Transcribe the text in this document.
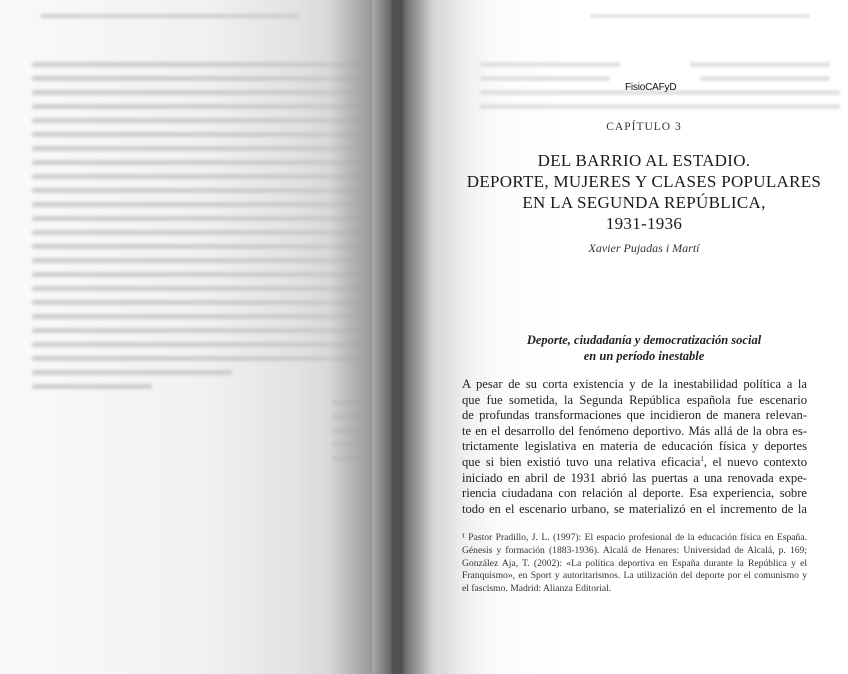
FisioCAFyD
CAPÍTULO 3
DEL BARRIO AL ESTADIO.
DEPORTE, MUJERES Y CLASES POPULARES
EN LA SEGUNDA REPÚBLICA,
1931-1936
Xavier Pujadas i Martí
Deporte, ciudadanía y democratización social
en un período inestable
A pesar de su corta existencia y de la inestabilidad política a la
que fue sometida, la Segunda República española fue escenario
de profundas transformaciones que incidieron de manera relevan-
te en el desarrollo del fenómeno deportivo. Más allá de la obra es-
trictamente legislativa en materia de educación física y deportes
que si bien existió tuvo una relativa eficacia$^1$, el nuevo contexto
iniciado en abril de 1931 abrió las puertas a una renovada expe-
riencia ciudadana con relación al deporte. Esa experiencia, sobre
todo en el escenario urbano, se materializó en el incremento de la
¹ Pastor Pradillo, J. L. (1997): El espacio profesional de la educación física en España.
Génesis y formación (1883-1936). Alcalá de Henares: Universidad de Alcalá, p. 169;
González Aja, T. (2002): «La política deportiva en España durante la República y el
Franquismo», en Sport y autoritarismos. La utilización del deporte por el comunismo y
el fascismo. Madrid: Alianza Editorial.
